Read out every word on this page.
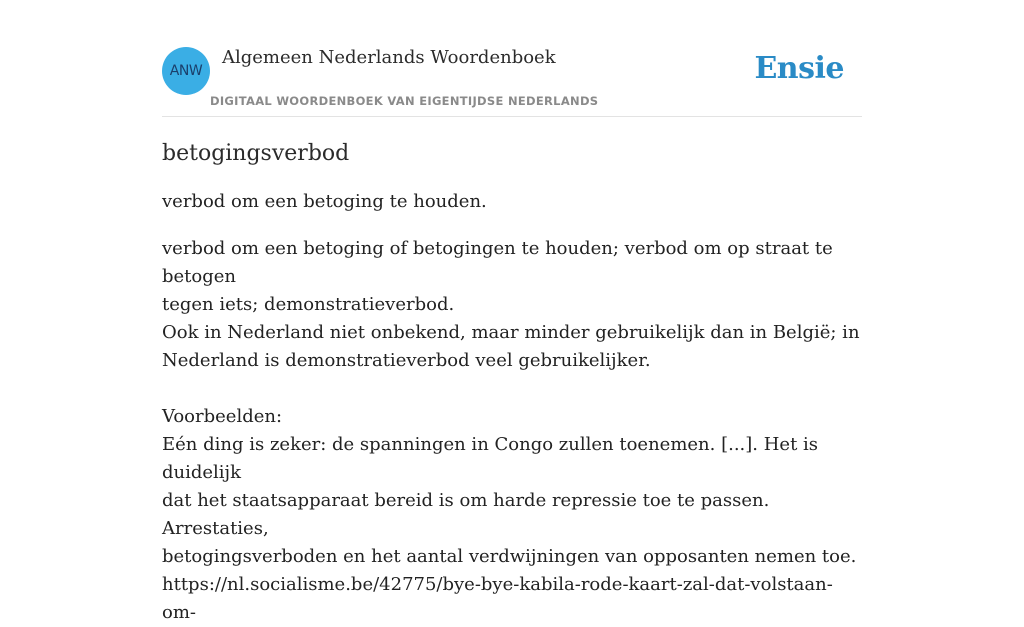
ANW
Algemeen Nederlands Woordenboek
DIGITAAL WOORDENBOEK VAN EIGENTIJDSE NEDERLANDS
Ensie
betogingsverbod

verbod om een betoging te houden.

verbod om een betoging of betogingen te houden; verbod om op straat te betogen
tegen iets; demonstratieverbod.
Ook in Nederland niet onbekend, maar minder gebruikelijk dan in België; in
Nederland is demonstratieverbod veel gebruikelijker.

Voorbeelden:
Eén ding is zeker: de spanningen in Congo zullen toenemen. [...]. Het is duidelijk
dat het staatsapparaat bereid is om harde repressie toe te passen. Arrestaties,
betogingsverboden en het aantal verdwijningen van opposanten nemen toe.
https://nl.socialisme.be/42775/bye-bye-kabila-rode-kaart-zal-dat-volstaan-om-
